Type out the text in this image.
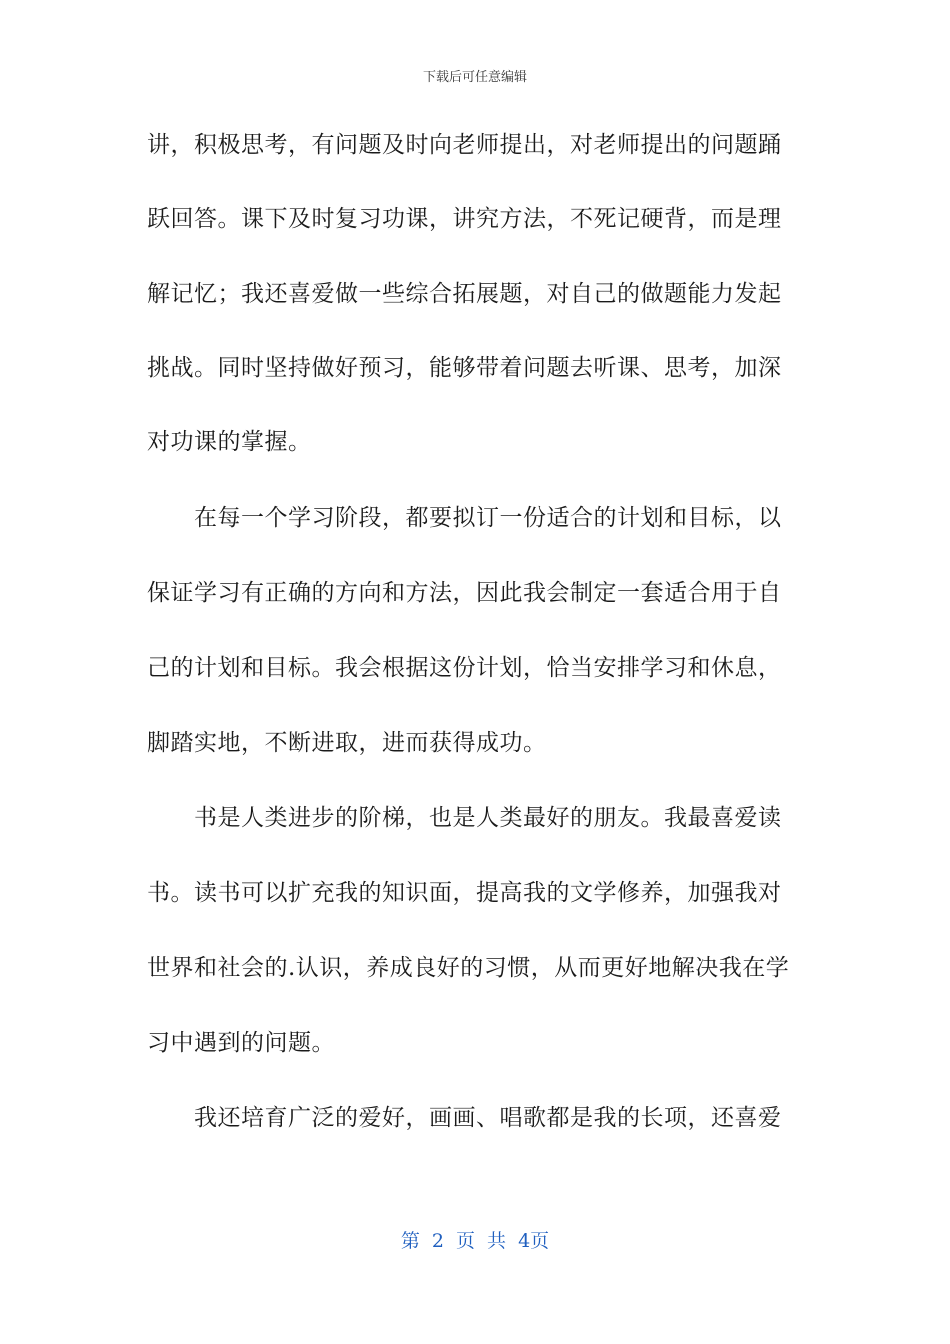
下载后可任意编辑
讲，积极思考，有问题及时向老师提出，对老师提出的问题踊
跃回答。课下及时复习功课，讲究方法，不死记硬背，而是理
解记忆；我还喜爱做一些综合拓展题，对自己的做题能力发起
挑战。同时坚持做好预习，能够带着问题去听课、思考，加深
对功课的掌握。
在每一个学习阶段，都要拟订一份适合的计划和目标，以
保证学习有正确的方向和方法，因此我会制定一套适合用于自
己的计划和目标。我会根据这份计划，恰当安排学习和休息，
脚踏实地，不断进取，进而获得成功。
书是人类进步的阶梯，也是人类最好的朋友。我最喜爱读
书。读书可以扩充我的知识面，提高我的文学修养，加强我对
世界和社会的.认识，养成良好的习惯，从而更好地解决我在学
习中遇到的问题。
我还培育广泛的爱好，画画、唱歌都是我的长项，还喜爱
第 2 页 共 4页
